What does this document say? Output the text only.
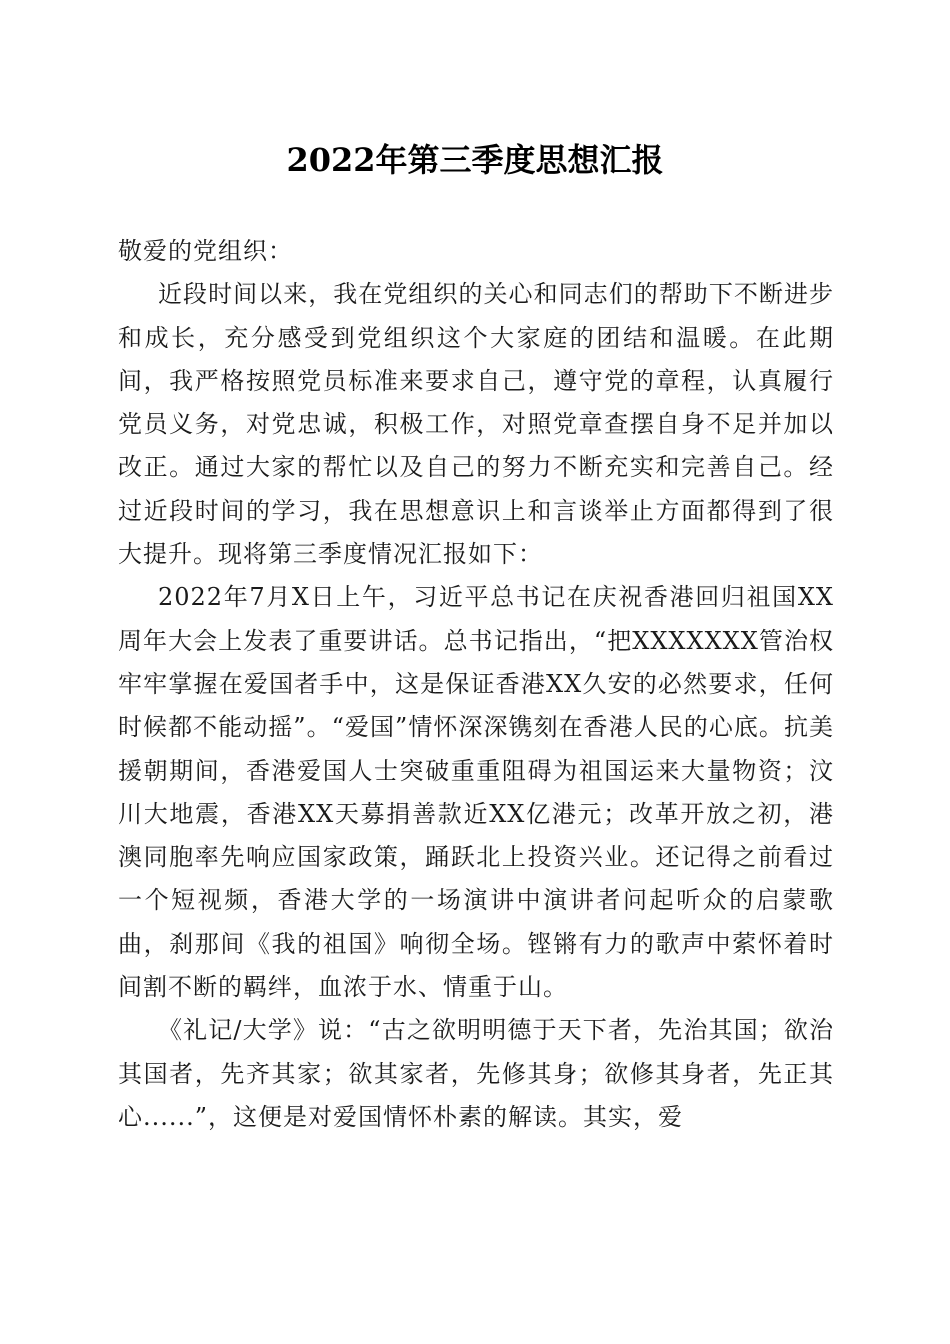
2022年第三季度思想汇报

敬爱的党组织：

近段时间以来，我在党组织的关心和同志们的帮助下不断进步和成长，充分感受到党组织这个大家庭的团结和温暖。在此期间，我严格按照党员标准来要求自己，遵守党的章程，认真履行党员义务，对党忠诚，积极工作，对照党章查摆自身不足并加以改正。通过大家的帮忙以及自己的努力不断充实和完善自己。经过近段时间的学习，我在思想意识上和言谈举止方面都得到了很大提升。现将第三季度情况汇报如下：

2022年7月X日上午，习近平总书记在庆祝香港回归祖国XX周年大会上发表了重要讲话。总书记指出，“把XXXXXXX管治权牢牢掌握在爱国者手中，这是保证香港XX久安的必然要求，任何时候都不能动摇”。“爱国”情怀深深镌刻在香港人民的心底。抗美援朝期间，香港爱国人士突破重重阻碍为祖国运来大量物资；汶川大地震，香港XX天募捐善款近XX亿港元；改革开放之初，港澳同胞率先响应国家政策，踊跃北上投资兴业。还记得之前看过一个短视频，香港大学的一场演讲中演讲者问起听众的启蒙歌曲，刹那间《我的祖国》响彻全场。铿锵有力的歌声中萦怀着时间割不断的羁绊，血浓于水、情重于山。

《礼记/大学》说：“古之欲明明德于天下者，先治其国；欲治其国者，先齐其家；欲其家者，先修其身；欲修其身者，先正其心......”，这便是对爱国情怀朴素的解读。其实，爱
